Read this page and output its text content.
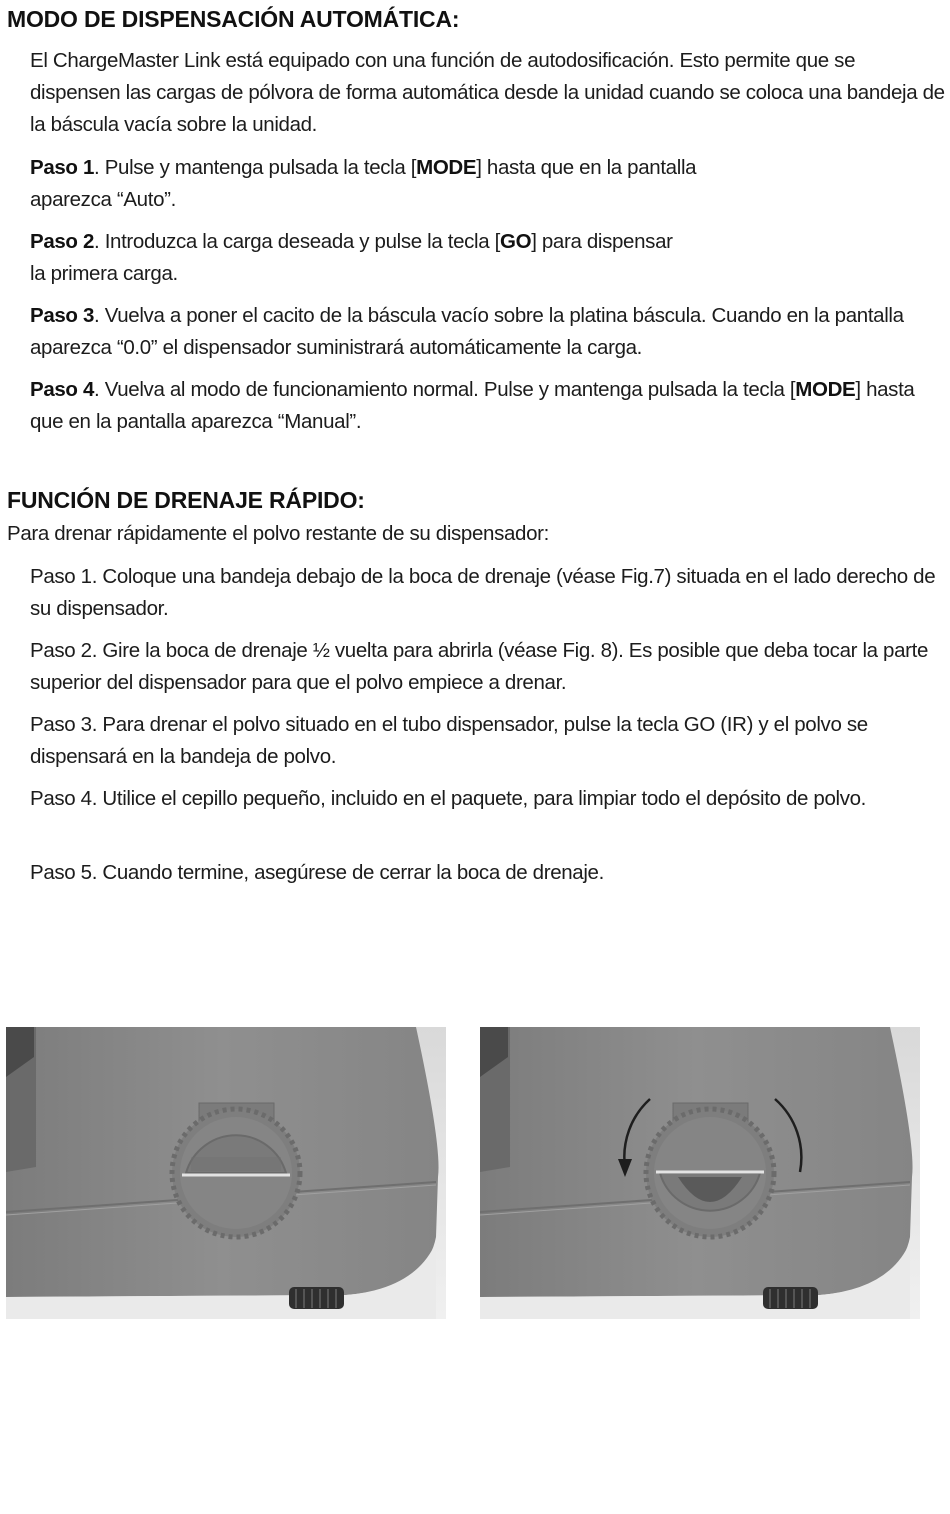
MODO DE DISPENSACIÓN AUTOMÁTICA:

El ChargeMaster Link está equipado con una función de autodosificación. Esto permite que se dispensen las cargas de pólvora de forma automática desde la unidad cuando se coloca una bandeja de la báscula vacía sobre la unidad.

Paso 1. Pulse y mantenga pulsada la tecla [MODE] hasta que en la pantalla
aparezca “Auto”.

Paso 2. Introduzca la carga deseada y pulse la tecla [GO] para dispensar
la primera carga.

Paso 3. Vuelva a poner el cacito de la báscula vacío sobre la platina báscula. Cuando en la pantalla aparezca “0.0” el dispensador suministrará automáticamente la carga.

Paso 4. Vuelva al modo de funcionamiento normal. Pulse y mantenga pulsada la tecla [MODE] hasta que en la pantalla aparezca “Manual”.

FUNCIÓN DE DRENAJE RÁPIDO:

Para drenar rápidamente el polvo restante de su dispensador:

Paso 1. Coloque una bandeja debajo de la boca de drenaje (véase Fig.7) situada en el lado derecho de su dispensador.

Paso 2. Gire la boca de drenaje ½ vuelta para abrirla (véase Fig. 8). Es posible que deba tocar la parte superior del dispensador para que el polvo empiece a drenar.

Paso 3. Para drenar el polvo situado en el tubo dispensador, pulse la tecla GO (IR) y el polvo se dispensará en la bandeja de polvo.

Paso 4. Utilice el cepillo pequeño, incluido en el paquete, para limpiar todo el depósito de polvo.

Paso 5. Cuando termine, asegúrese de cerrar la boca de drenaje.
